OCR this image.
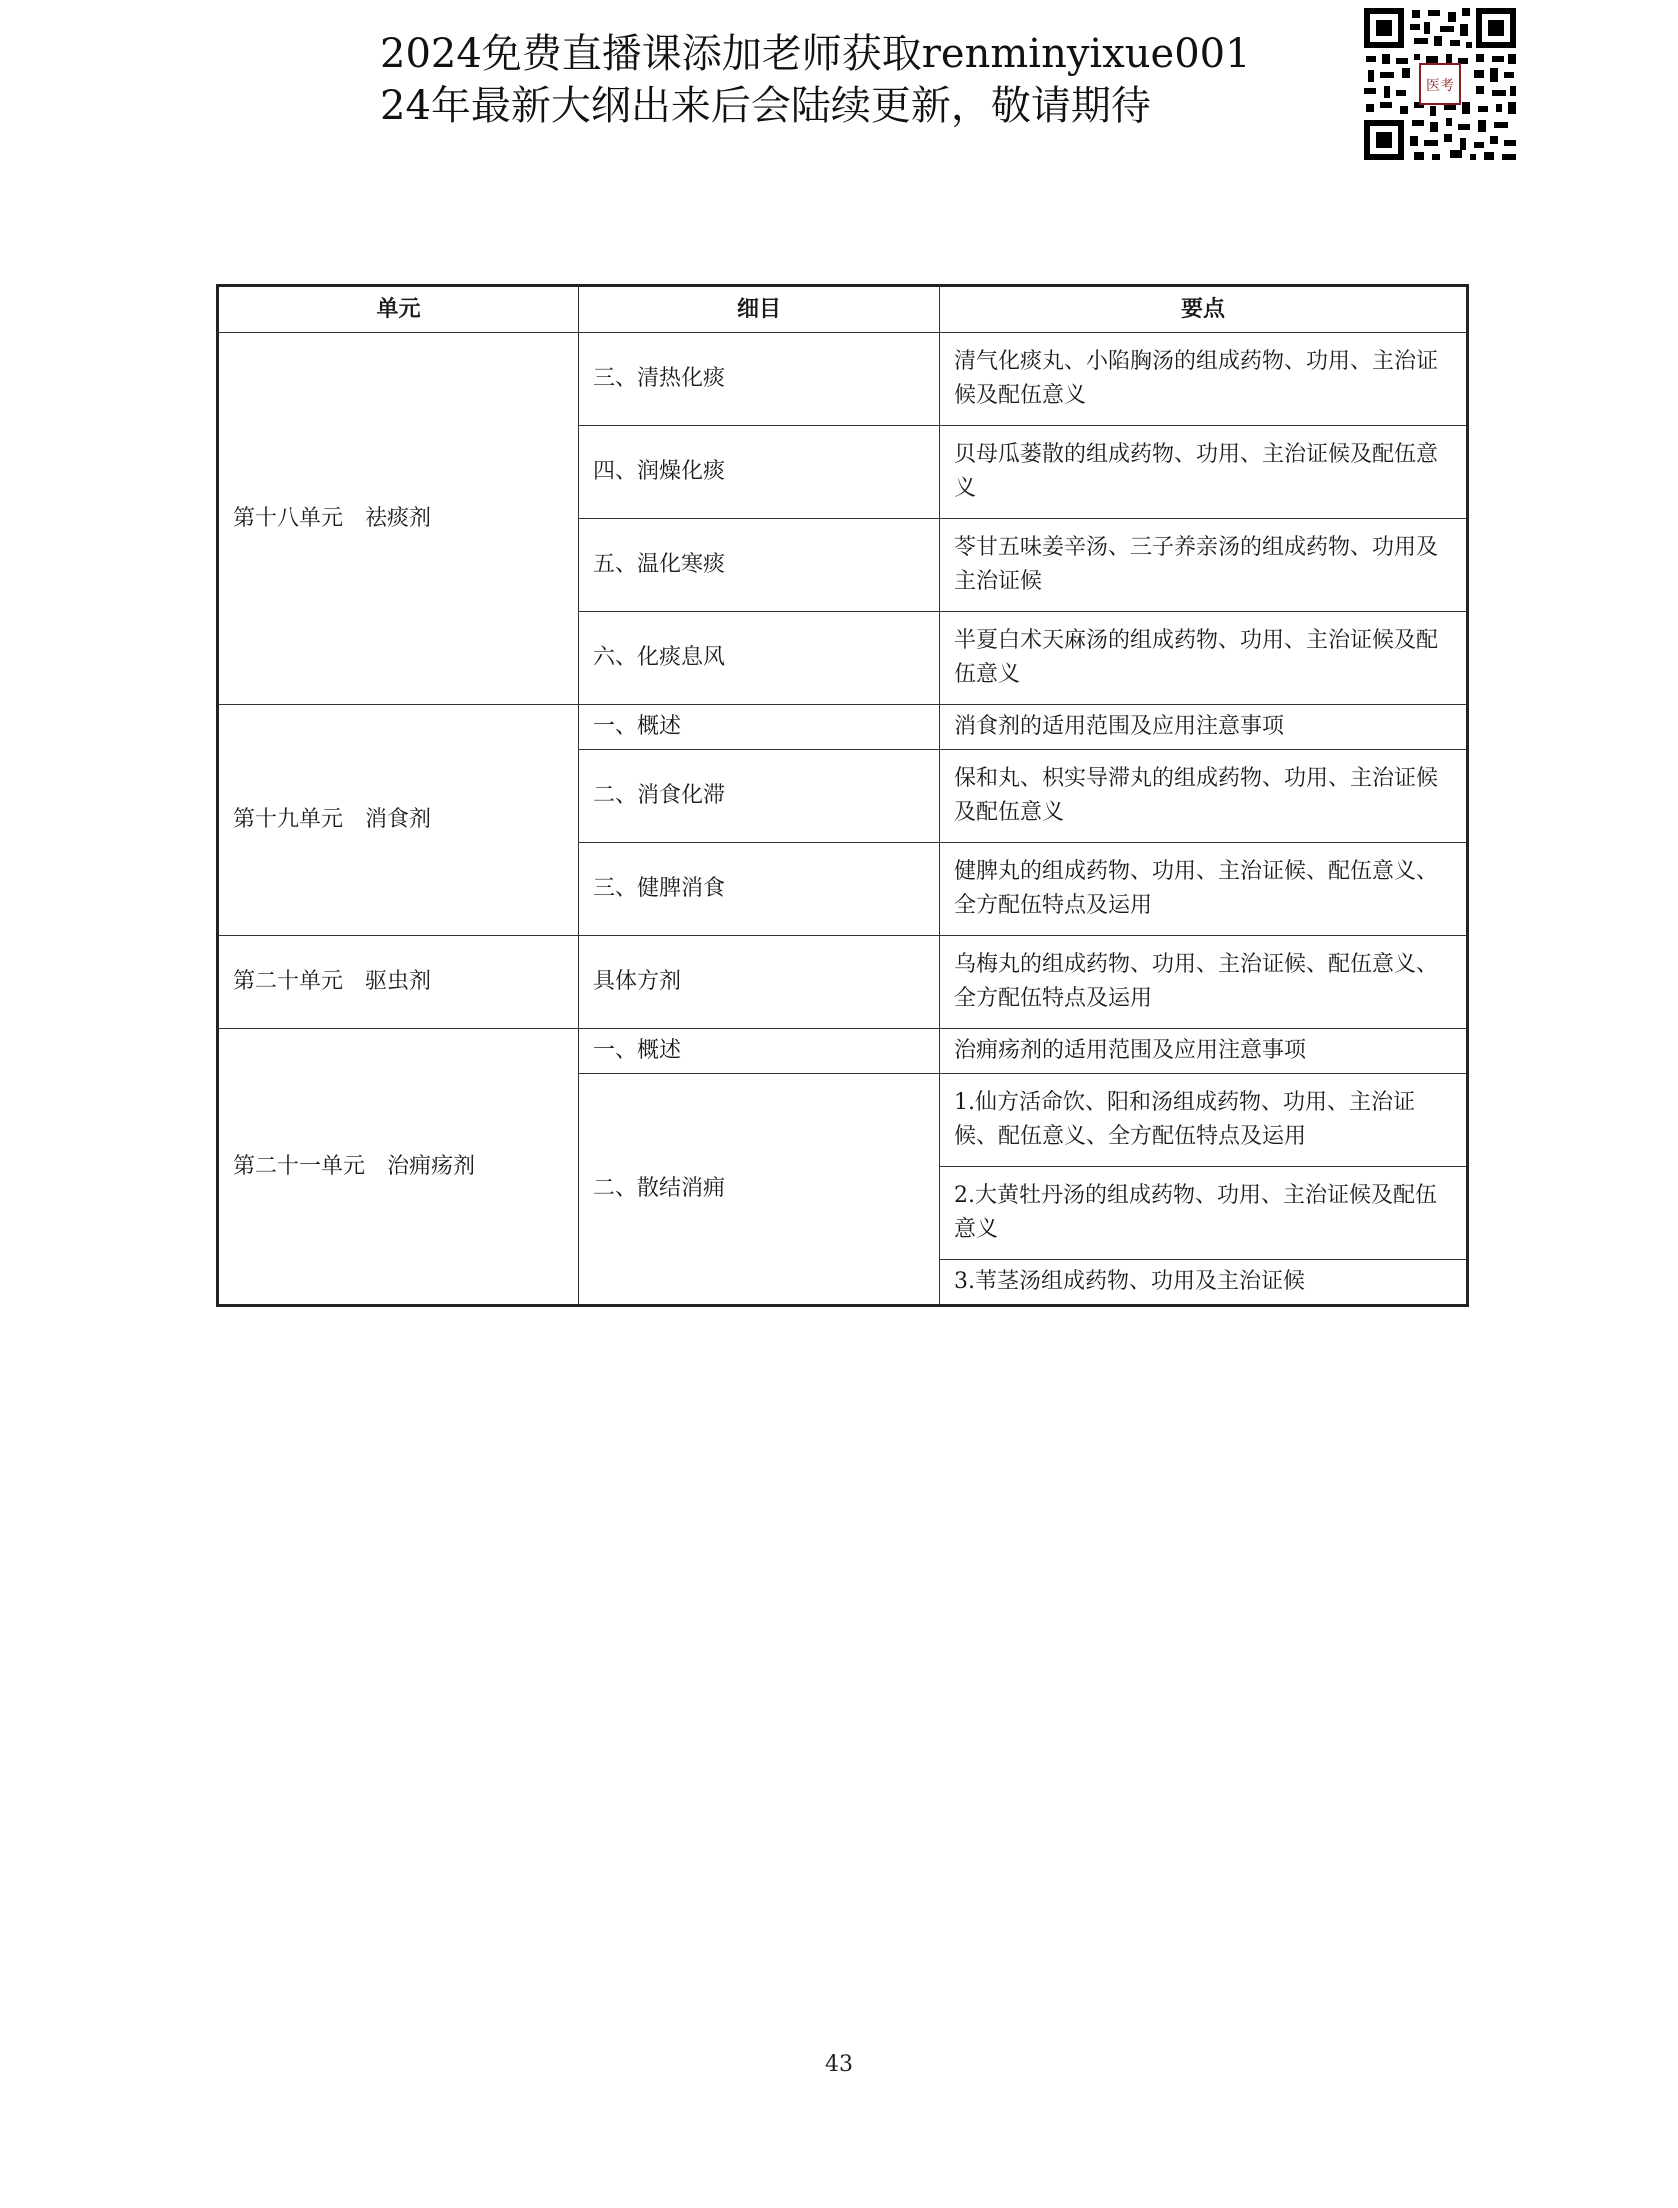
2024免费直播课添加老师获取renminyixue001
24年最新大纲出来后会陆续更新，敬请期待	医考
单元	细目	要点
第十八单元 祛痰剂	三、清热化痰	清气化痰丸、小陷胸汤的组成药物、功用、主治证候及配伍意义
	四、润燥化痰	贝母瓜蒌散的组成药物、功用、主治证候及配伍意义
	五、温化寒痰	苓甘五味姜辛汤、三子养亲汤的组成药物、功用及主治证候
	六、化痰息风	半夏白术天麻汤的组成药物、功用、主治证候及配伍意义
第十九单元 消食剂	一、概述	消食剂的适用范围及应用注意事项
	二、消食化滞	保和丸、枳实导滞丸的组成药物、功用、主治证候及配伍意义
	三、健脾消食	健脾丸的组成药物、功用、主治证候、配伍意义、全方配伍特点及运用
第二十单元 驱虫剂	具体方剂	乌梅丸的组成药物、功用、主治证候、配伍意义、全方配伍特点及运用
第二十一单元 治痈疡剂	一、概述	治痈疡剂的适用范围及应用注意事项
	二、散结消痈	1.仙方活命饮、阳和汤组成药物、功用、主治证候、配伍意义、全方配伍特点及运用
		2.大黄牡丹汤的组成药物、功用、主治证候及配伍意义
		3.苇茎汤组成药物、功用及主治证候
43
